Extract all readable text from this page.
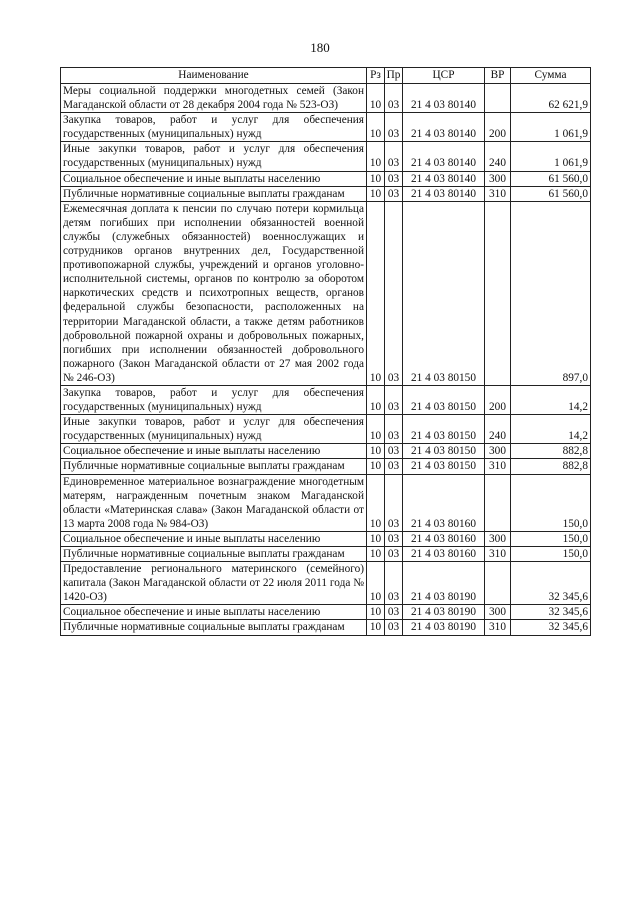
180
Наименование	Рз	Пр	ЦСР	ВР	Сумма
Меры социальной поддержки многодетных семей (Закон Магаданской области от 28 декабря 2004 года № 523-ОЗ)	10	03	21 4 03 80140		62 621,9
Закупка товаров, работ и услуг для обеспечения государственных (муниципальных) нужд	10	03	21 4 03 80140	200	1 061,9
Иные закупки товаров, работ и услуг для обеспечения государственных (муниципальных) нужд	10	03	21 4 03 80140	240	1 061,9
Социальное обеспечение и иные выплаты населению	10	03	21 4 03 80140	300	61 560,0
Публичные нормативные социальные выплаты гражданам	10	03	21 4 03 80140	310	61 560,0
Ежемесячная доплата к пенсии по случаю потери кормильца детям погибших при исполнении обязанностей военной службы (служебных обязанностей) военнослужащих и сотрудников органов внутренних дел, Государственной противопожарной службы, учреждений и органов уголовно-исполнительной системы, органов по контролю за оборотом наркотических средств и психотропных веществ, органов федеральной службы безопасности, расположенных на территории Магаданской области, а также детям работников добровольной пожарной охраны и добровольных пожарных, погибших при исполнении обязанностей добровольного пожарного (Закон Магаданской области от 27 мая 2002 года № 246-ОЗ)	10	03	21 4 03 80150		897,0
Закупка товаров, работ и услуг для обеспечения государственных (муниципальных) нужд	10	03	21 4 03 80150	200	14,2
Иные закупки товаров, работ и услуг для обеспечения государственных (муниципальных) нужд	10	03	21 4 03 80150	240	14,2
Социальное обеспечение и иные выплаты населению	10	03	21 4 03 80150	300	882,8
Публичные нормативные социальные выплаты гражданам	10	03	21 4 03 80150	310	882,8
Единовременное материальное вознаграждение многодетным матерям, награжденным почетным знаком Магаданской области «Материнская слава» (Закон Магаданской области от 13 марта 2008 года № 984-ОЗ)	10	03	21 4 03 80160		150,0
Социальное обеспечение и иные выплаты населению	10	03	21 4 03 80160	300	150,0
Публичные нормативные социальные выплаты гражданам	10	03	21 4 03 80160	310	150,0
Предоставление регионального материнского (семейного) капитала (Закон Магаданской области от 22 июля 2011 года № 1420-ОЗ)	10	03	21 4 03 80190		32 345,6
Социальное обеспечение и иные выплаты населению	10	03	21 4 03 80190	300	32 345,6
Публичные нормативные социальные выплаты гражданам	10	03	21 4 03 80190	310	32 345,6
